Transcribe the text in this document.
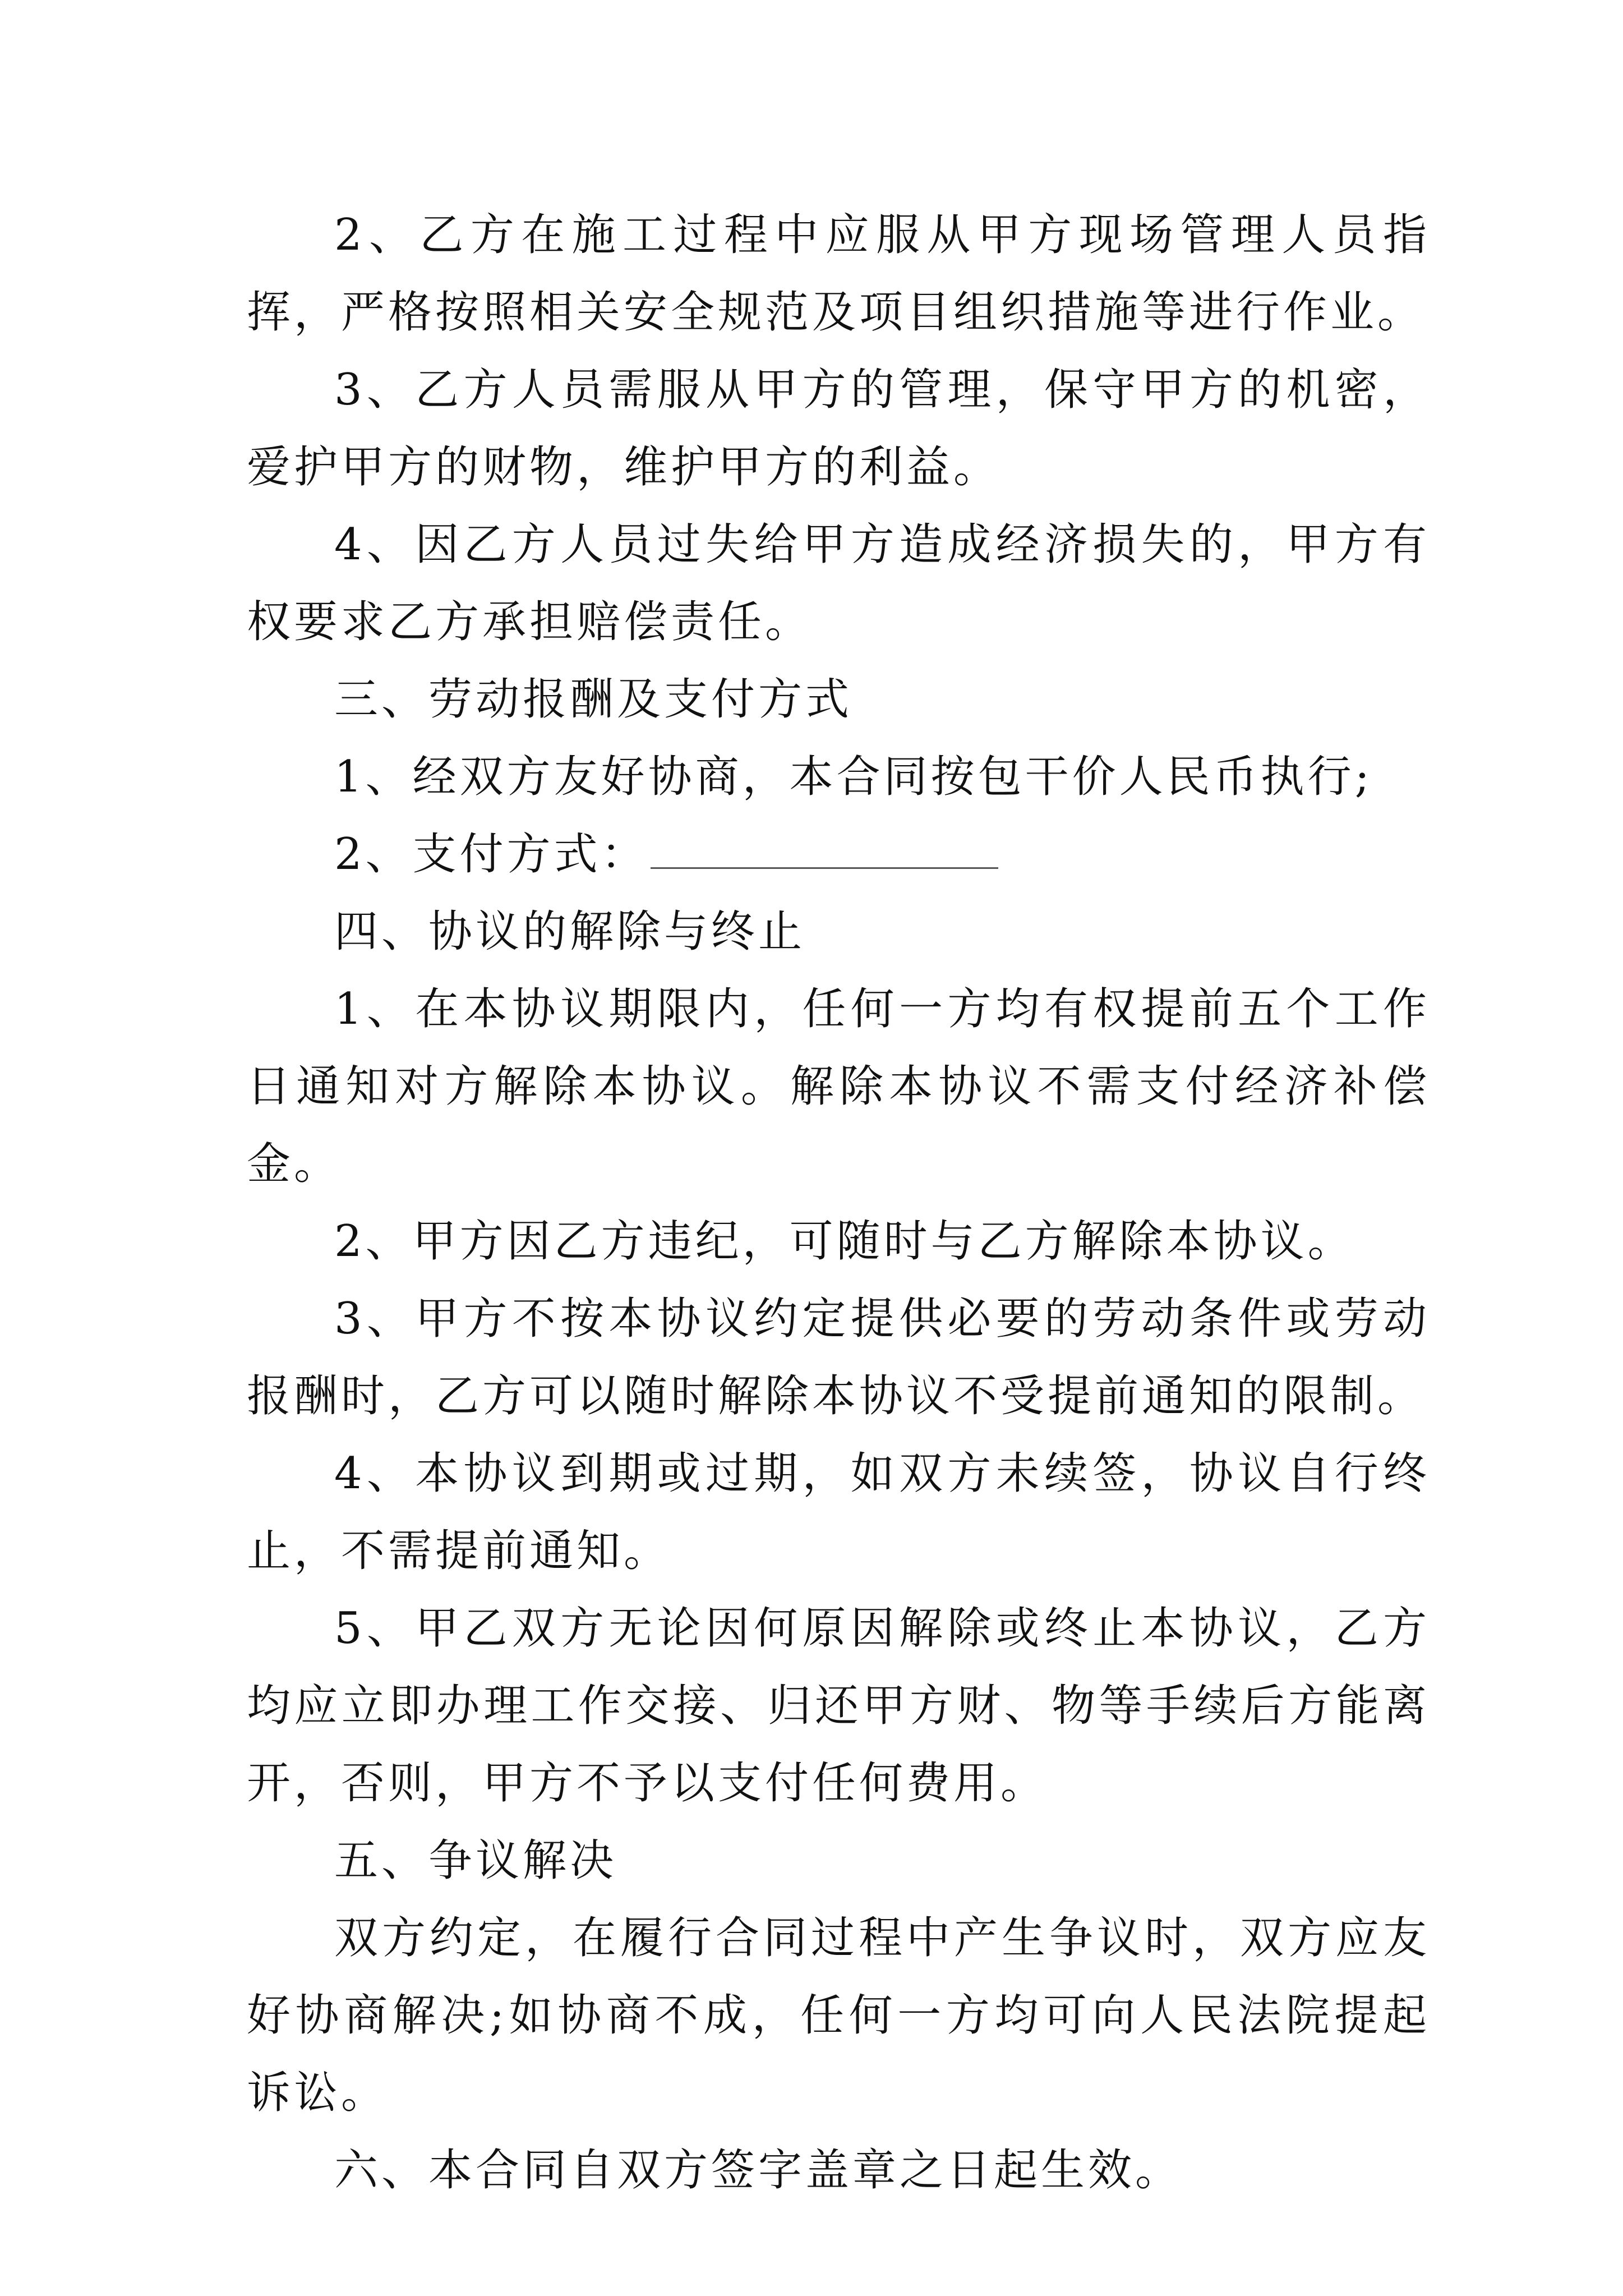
2、乙方在施工过程中应服从甲方现场管理人员指挥，严格按照相关安全规范及项目组织措施等进行作业。

3、乙方人员需服从甲方的管理，保守甲方的机密，爱护甲方的财物，维护甲方的利益。

4、因乙方人员过失给甲方造成经济损失的，甲方有权要求乙方承担赔偿责任。

三、劳动报酬及支付方式

1、经双方友好协商，本合同按包干价人民币执行;

2、支付方式：

四、协议的解除与终止

1、在本协议期限内，任何一方均有权提前五个工作日通知对方解除本协议。解除本协议不需支付经济补偿金。

2、甲方因乙方违纪，可随时与乙方解除本协议。

3、甲方不按本协议约定提供必要的劳动条件或劳动报酬时，乙方可以随时解除本协议不受提前通知的限制。

4、本协议到期或过期，如双方未续签，协议自行终止，不需提前通知。

5、甲乙双方无论因何原因解除或终止本协议，乙方均应立即办理工作交接、归还甲方财、物等手续后方能离开，否则，甲方不予以支付任何费用。

五、争议解决

双方约定，在履行合同过程中产生争议时，双方应友好协商解决;如协商不成，任何一方均可向人民法院提起诉讼。

六、本合同自双方签字盖章之日起生效。
